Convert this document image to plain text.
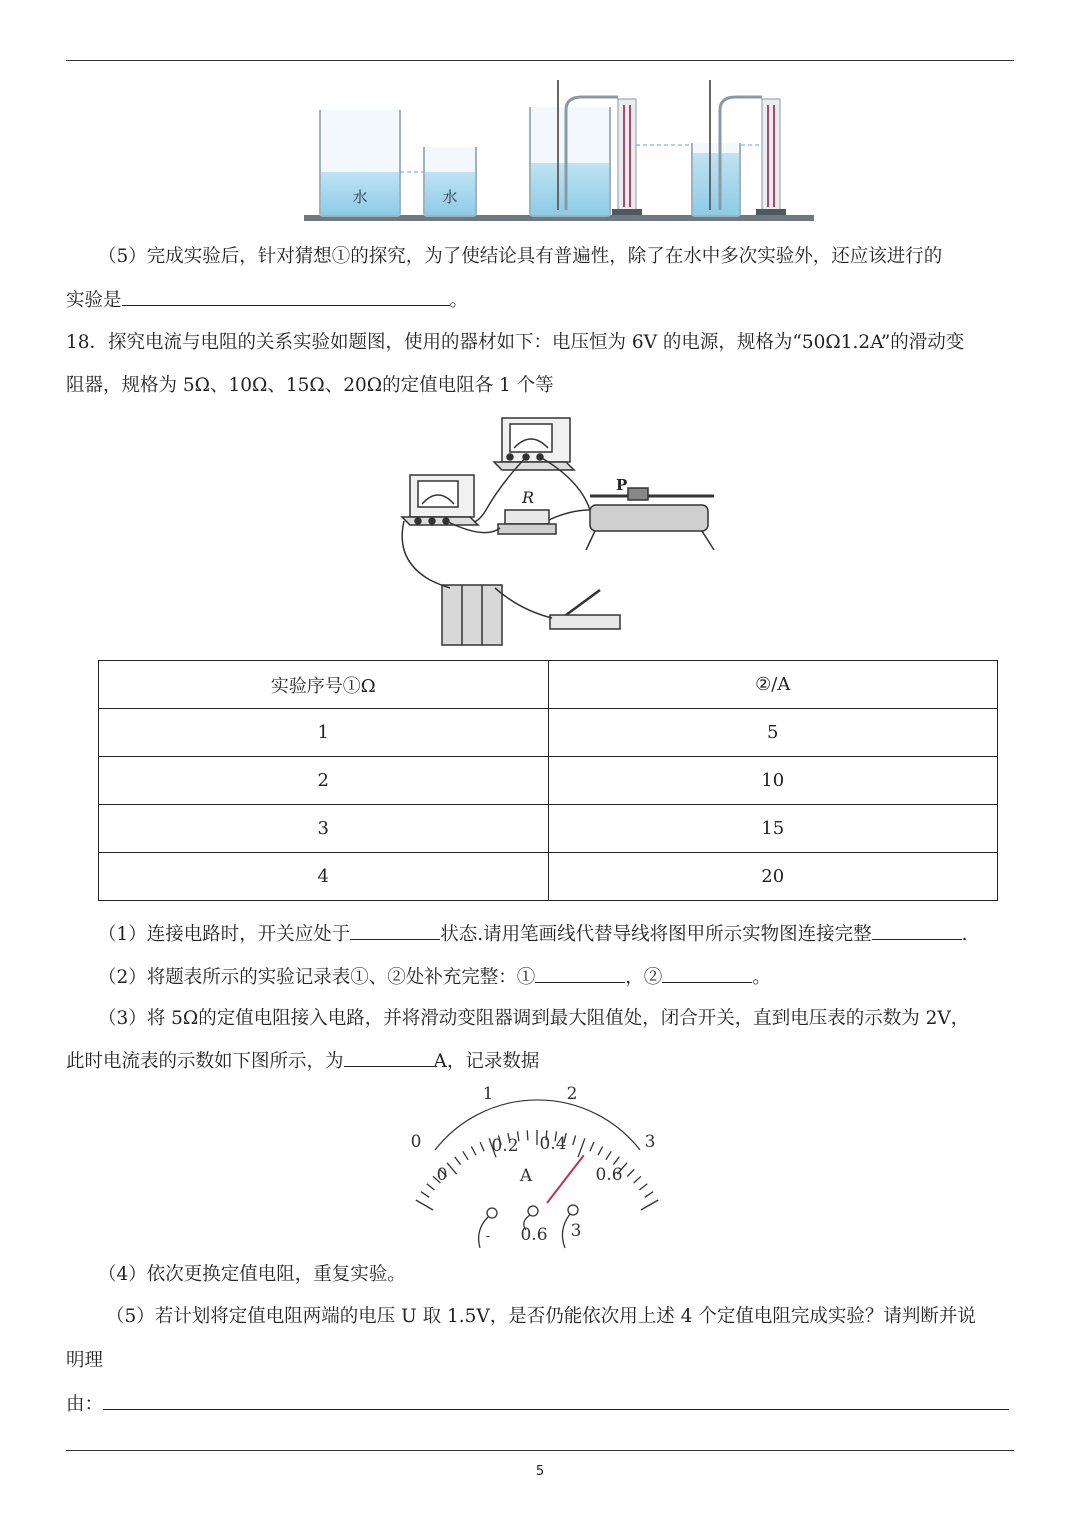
水	水
（5）完成实验后，针对猜想①的探究，为了使结论具有普遍性，除了在水中多次实验外，还应该进行的
实验是	。
18．探究电流与电阻的关系实验如题图，使用的器材如下：电压恒为 6V 的电源，规格为“50Ω1.2A”的滑动变
阻器，规格为 5Ω、10Ω、15Ω、20Ω的定值电阻各 1 个等
R
P
实验序号①Ω	②/A
1	5
2	10
3	15
4	20
（1）连接电路时，开关应处于	状态.请用笔画线代替导线将图甲所示实物图连接完整	.
（2）将题表所示的实验记录表①、②处补充完整：①	，②	。
（3）将 5Ω的定值电阻接入电路，并将滑动变阻器调到最大阻值处，闭合开关，直到电压表的示数为 2V，
此时电流表的示数如下图所示，为	A，记录数据
0
1	2
3
0
0.2 0.4
0.6
A
0.6 3
-
（4）依次更换定值电阻，重复实验。
（5）若计划将定值电阻两端的电压 U 取 1.5V，是否仍能依次用上述 4 个定值电阻完成实验？请判断并说
明理
由：
5
